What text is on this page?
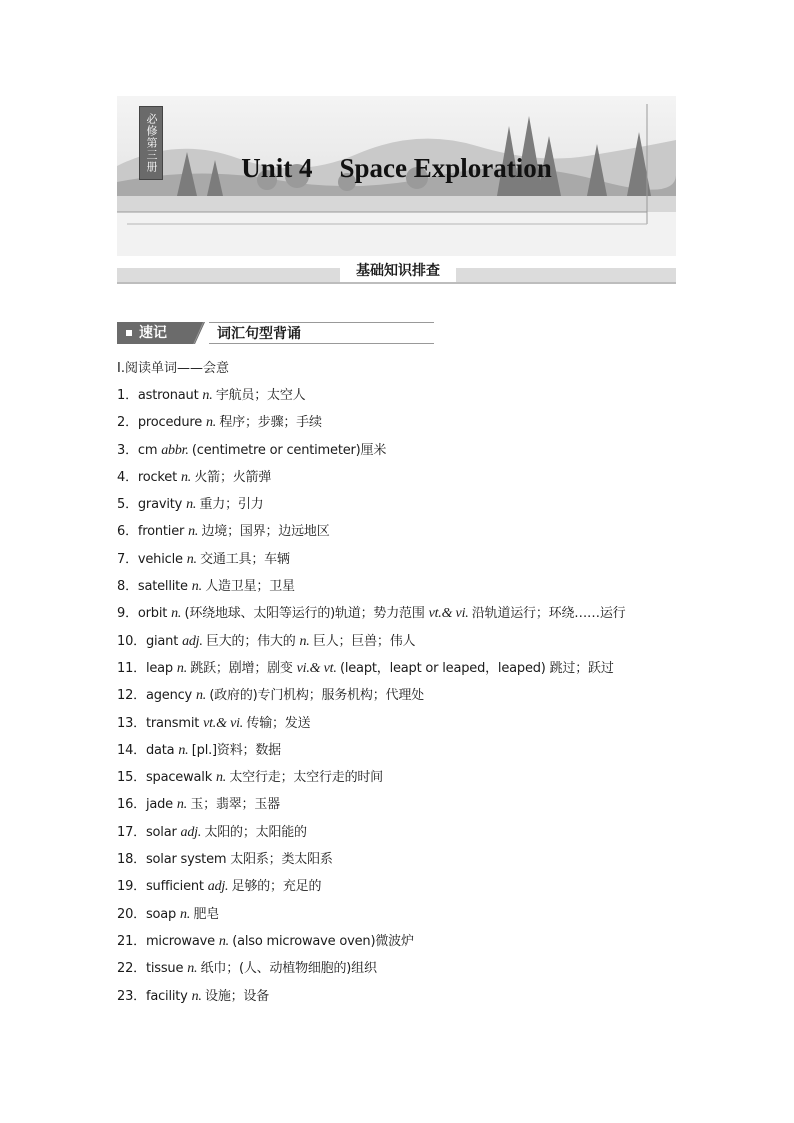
必修第三册	Unit 4　Space Exploration
基础知识排查
速记	词汇句型背诵
Ⅰ.阅读单词——会意
1．astronaut n. 宇航员；太空人
2．procedure n. 程序；步骤；手续
3．cm abbr. (centimetre or centimeter)厘米
4．rocket n. 火箭；火箭弹
5．gravity n. 重力；引力
6．frontier n. 边境；国界；边远地区
7．vehicle n. 交通工具；车辆
8．satellite n. 人造卫星；卫星
9．orbit n. (环绕地球、太阳等运行的)轨道；势力范围 vt.& vi. 沿轨道运行；环绕……运行
10．giant adj. 巨大的；伟大的 n. 巨人；巨兽；伟人
11．leap n. 跳跃；剧增；剧变 vi.& vt. (leapt，leapt or leaped，leaped) 跳过；跃过
12．agency n. (政府的)专门机构；服务机构；代理处
13．transmit vt.& vi. 传输；发送
14．data n. [pl.]资料；数据
15．spacewalk n. 太空行走；太空行走的时间
16．jade n. 玉；翡翠；玉器
17．solar adj. 太阳的；太阳能的
18．solar system 太阳系；类太阳系
19．sufficient adj. 足够的；充足的
20．soap n. 肥皂
21．microwave n. (also microwave oven)微波炉
22．tissue n. 纸巾；(人、动植物细胞的)组织
23．facility n. 设施；设备
